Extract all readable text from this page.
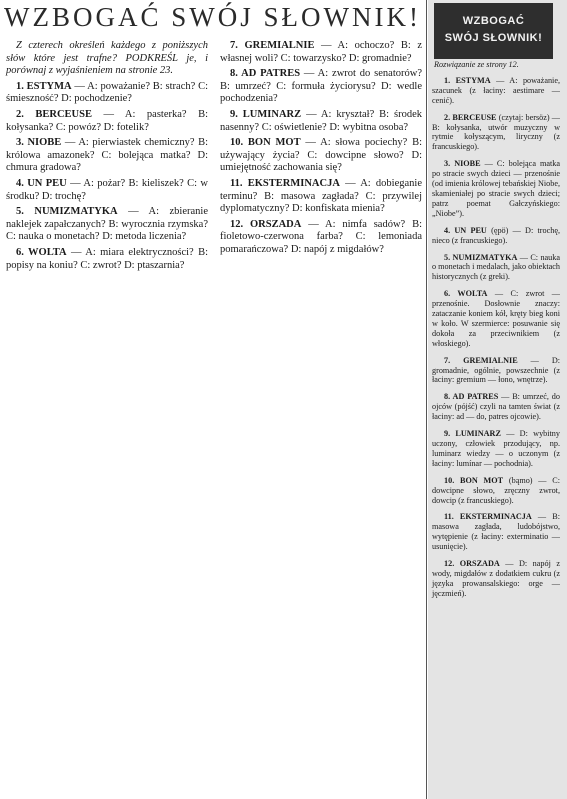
WZBOGAĆ SWÓJ SŁOWNIK!

Z czterech określeń każdego z poniższych słów które jest trafne? PODKREŚL je, i porównaj z wyjaśnieniem na stronie 23.

1. ESTYMA — A: poważanie? B: strach? C: śmieszność? D: pochodzenie?

2. BERCEUSE — A: pasterka? B: kołysanka? C: powóz? D: fotelik?

3. NIOBE — A: pierwiastek chemiczny? B: królowa amazonek? C: bolejąca matka? D: chmura gradowa?

4. UN PEU — A: pożar? B: kieliszek? C: w środku? D: trochę?

5. NUMIZMATYKA — A: zbieranie naklejek zapałczanych? B: wyrocznia rzymska? C: nauka o monetach? D: metoda liczenia?

6. WOLTA — A: miara elektryczności? B: popisy na koniu? C: zwrot? D: ptaszarnia?

7. GREMIALNIE — A: ochoczo? B: z własnej woli? C: towarzysko? D: gromadnie?

8. AD PATRES — A: zwrot do senatorów? B: umrzeć? C: formuła życiorysu? D: wedle pochodzenia?

9. LUMINARZ — A: kryształ? B: środek nasenny? C: oświetlenie? D: wybitna osoba?

10. BON MOT — A: słowa pociechy? B: używający życia? C: dowcipne słowo? D: umiejętność zachowania się?

11. EKSTERMINACJA — A: dobieganie terminu? B: masowa zagłada? C: przywilej dyplomatyczny? D: konfiskata mienia?

12. ORSZADA — A: nimfa sadów? B: fioletowo-czerwona farba? C: lemoniada pomarańczowa? D: napój z migdałów?

WZBOGAĆ
SWÓJ SŁOWNIK!
Rozwiązanie ze strony 12.

1. ESTYMA — A: poważanie, szacunek (z łaciny: aestimare — cenić).

2. BERCEUSE (czytaj: bersöz) — B: kołysanka, utwór muzyczny w rytmie kołyszącym, liryczny (z francuskiego).

3. NIOBE — C: bolejąca matka po stracie swych dzieci — przenośnie (od imienia królowej tebańskiej Niobe, skamieniałej po stracie swych dzieci; patrz poemat Gałczyńskiego: „Niobe”).

4. UN PEU (ępö) — D: trochę, nieco (z francuskiego).

5. NUMIZMATYKA — C: nauka o monetach i medalach, jako obiektach historycznych (z greki).

6. WOLTA — C: zwrot — przenośnie. Dosłownie znaczy: zataczanie koniem kół, kręty bieg koni w koło. W szermierce: posuwanie się dokoła za przeciwnikiem (z włoskiego).

7. GREMIALNIE — D: gromadnie, ogólnie, powszechnie (z łaciny: gremium — łono, wnętrze).

8. AD PATRES — B: umrzeć, do ojców (pójść) czyli na tamten świat (z łaciny: ad — do, patres ojcowie).

9. LUMINARZ — D: wybitny uczony, człowiek przodujący, np. luminarz wiedzy — o uczonym (z łaciny: lumínar — pochodnia).

10. BON MOT (bąmo) — C: dowcipne słowo, zręczny zwrot, dowcip (z francuskiego).

11. EKSTERMINACJA — B: masowa zagłada, ludobójstwo, wytępienie (z łaciny: exterminatio — usunięcie).

12. ORSZADA — D: napój z wody, migdałów z dodatkiem cukru (z języka prowansalskiego: orge — jęczmień).
